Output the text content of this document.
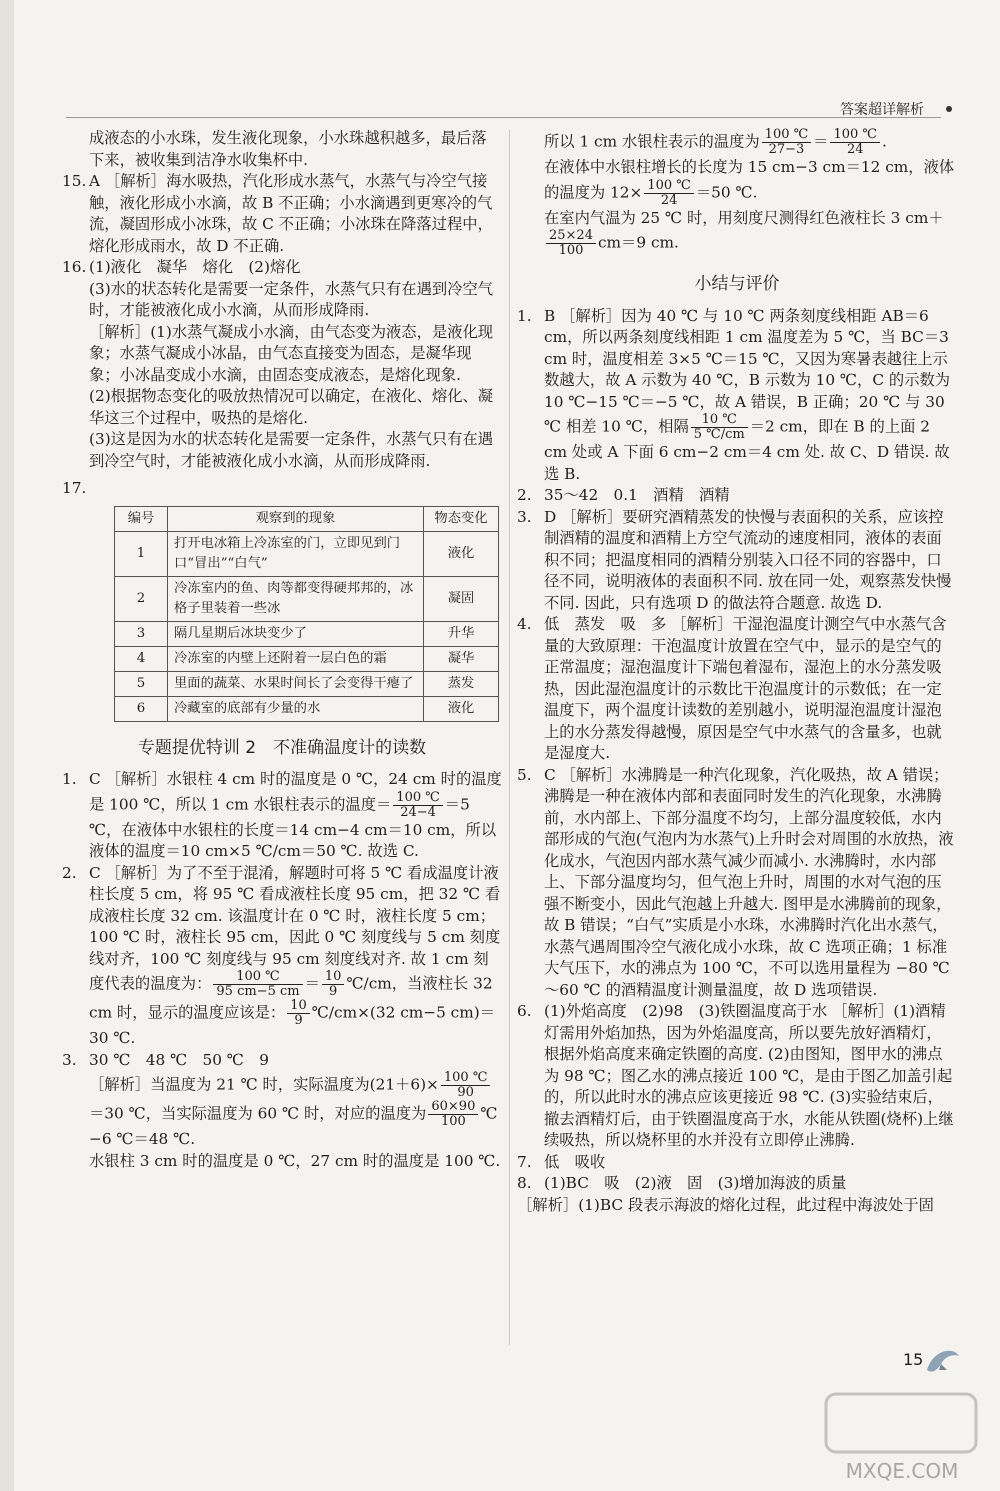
答案超详解析

成液态的小水珠，发生液化现象，小水珠越积越多，最后落下来，被收集到洁净水收集杯中.

15. A ［解析］海水吸热，汽化形成水蒸气，水蒸气与冷空气接触，液化形成小水滴，故 B 不正确；小水滴遇到更寒冷的气流，凝固形成小冰珠，故 C 不正确；小冰珠在降落过程中，熔化形成雨水，故 D 不正确.
16. (1)液化　凝华　熔化　(2)熔化

(3)水的状态转化是需要一定条件，水蒸气只有在遇到冷空气时，才能被液化成小水滴，从而形成降雨.

［解析］(1)水蒸气凝成小水滴，由气态变为液态，是液化现象；水蒸气凝成小冰晶，由气态直接变为固态，是凝华现象；小冰晶变成小水滴，由固态变成液态，是熔化现象.

(2)根据物态变化的吸放热情况可以确定，在液化、熔化、凝华这三个过程中，吸热的是熔化.

(3)这是因为水的状态转化是需要一定条件，水蒸气只有在遇到冷空气时，才能被液化成小水滴，从而形成降雨.

17.
编号	观察到的现象	物态变化
1	打开电冰箱上冷冻室的门，立即见到门口“冒出”“白气”	液化
2	冷冻室内的鱼、肉等都变得硬邦邦的，冰格子里装着一些冰	凝固
3	隔几星期后冰块变少了	升华
4	冷冻室的内壁上还附着一层白色的霜	凝华
5	里面的蔬菜、水果时间长了会变得干瘪了	蒸发
6	冷藏室的底部有少量的水	液化
专题提优特训 2　不准确温度计的读数
1. C ［解析］水银柱 4 cm 时的温度是 0 ℃，24 cm 时的温度是 100 ℃，所以 1 cm 水银柱表示的温度＝ $\frac{100 ℃}{24-4} =5$ ℃，在液体中水银柱的长度＝14 cm−4 cm＝10 cm，所以液体的温度＝10 cm×5 ℃/cm＝50 ℃. 故选 C.
2. C ［解析］为了不至于混淆，解题时可将 5 ℃ 看成温度计液柱长度 5 cm，将 95 ℃ 看成液柱长度 95 cm，把 32 ℃ 看成液柱长度 32 cm. 该温度计在 0 ℃ 时，液柱长度 5 cm；100 ℃ 时，液柱长 95 cm，因此 0 ℃ 刻度线与 5 cm 刻度线对齐，100 ℃ 刻度线与 95 cm 刻度线对齐. 故 1 cm 刻度代表的温度为： $\frac{100 ℃}{95 cm-5 cm} = \frac{10}{9}$ ℃/cm，当液柱长 32 cm 时，显示的温度应该是： $\frac{10}{9}$ ℃/cm×(32 cm−5 cm)＝30 ℃.
3. 30 ℃　48 ℃　50 ℃　9
［解析］当温度为 21 ℃ 时，实际温度为$(21+6)\times \frac{100 ℃}{90}$
＝30 ℃，当实际温度为 60 ℃ 时，对应的温度为 $\frac{60\times 90}{100}$ ℃−6 ℃＝48 ℃.

水银柱 3 cm 时的温度是 0 ℃，27 cm 时的温度是 100 ℃.

所以 1 cm 水银柱表示的温度为 $\frac{100 ℃}{27-3} = \frac{100 ℃}{24}$ .

在液体中水银柱增长的长度为 15 cm−3 cm＝12 cm，液体的温度为 $12\times \frac{100 ℃}{24} =50$ ℃.

在室内气温为 25 ℃ 时，用刻度尺测得红色液柱长 3 cm＋
$\frac{25\times 24}{100} cm=9$ cm.

小结与评价
1. B ［解析］因为 40 ℃ 与 10 ℃ 两条刻度线相距 AB＝6 cm，所以两条刻度线相距 1 cm 温度差为 5 ℃，当 BC＝3 cm 时，温度相差 3×5 ℃＝15 ℃，又因为寒暑表越往上示数越大，故 A 示数为 40 ℃，B 示数为 10 ℃，C 的示数为 10 ℃−15 ℃＝−5 ℃，故 A 错误，B 正确；20 ℃ 与 30 ℃ 相差 10 ℃，相隔 $\frac{10 ℃}{5 ℃/cm} =2$ cm，即在 B 的上面 2 cm 处或 A 下面 6 cm−2 cm＝4 cm 处. 故 C、D 错误. 故选 B.
2. 35～42　0.1　酒精　酒精
3. D ［解析］要研究酒精蒸发的快慢与表面积的关系，应该控制酒精的温度和酒精上方空气流动的速度相同，液体的表面积不同；把温度相同的酒精分别装入口径不同的容器中，口径不同，说明液体的表面积不同. 放在同一处，观察蒸发快慢不同. 因此，只有选项 D 的做法符合题意. 故选 D.
4. 低　蒸发　吸　多 ［解析］干湿泡温度计测空气中水蒸气含量的大致原理：干泡温度计放置在空气中，显示的是空气的正常温度；湿泡温度计下端包着湿布，湿泡上的水分蒸发吸热，因此湿泡温度计的示数比干泡温度计的示数低；在一定温度下，两个温度计读数的差别越小，说明湿泡温度计湿泡上的水分蒸发得越慢，原因是空气中水蒸气的含量多，也就是湿度大.
5. C ［解析］水沸腾是一种汽化现象，汽化吸热，故 A 错误；沸腾是一种在液体内部和表面同时发生的汽化现象，水沸腾前，水内部上、下部分温度不均匀，上部分温度较低，水内部形成的气泡(气泡内为水蒸气)上升时会对周围的水放热，液化成水，气泡因内部水蒸气减少而减小. 水沸腾时，水内部上、下部分温度均匀，但气泡上升时，周围的水对气泡的压强不断变小，因此气泡越上升越大. 图甲是水沸腾前的现象，故 B 错误；“白气”实质是小水珠，水沸腾时汽化出水蒸气，水蒸气遇周围冷空气液化成小水珠，故 C 选项正确；1 标准大气压下，水的沸点为 100 ℃，不可以选用量程为 −80 ℃～60 ℃ 的酒精温度计测量温度，故 D 选项错误.
6. (1)外焰高度　(2)98　(3)铁圈温度高于水 ［解析］(1)酒精灯需用外焰加热，因为外焰温度高，所以要先放好酒精灯，根据外焰高度来确定铁圈的高度. (2)由图知，图甲水的沸点为 98 ℃；图乙水的沸点接近 100 ℃，是由于图乙加盖引起的，所以此时水的沸点应该更接近 98 ℃. (3)实验结束后，撤去酒精灯后，由于铁圈温度高于水，水能从铁圈(烧杯)上继续吸热，所以烧杯里的水并没有立即停止沸腾.
7. 低　吸收
8. (1)BC　吸　(2)液　固　(3)增加海波的质量

［解析］(1)BC 段表示海波的熔化过程，此过程中海波处于固

15
MXQE.COM
